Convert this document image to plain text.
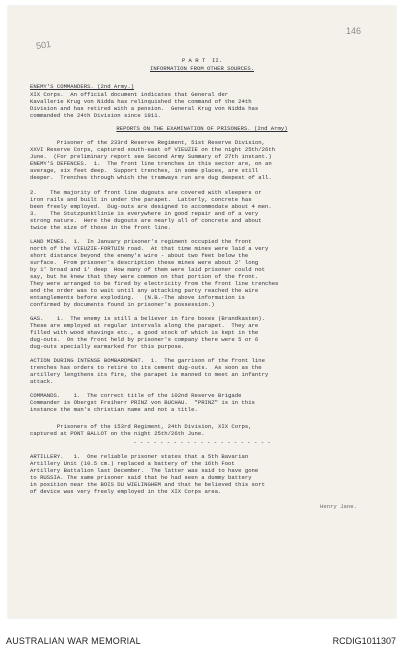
146
501
P A R T  II.
INFORMATION FROM OTHER SOURCES.
ENEMY'S COMMANDERS. (2nd Army.)
XIX Corps.  An official document indicates that General der
Kavallerie Krug von Nidda has relinquished the command of the 24th
Division and has retired with a pension.  General Krug von Nidda has
commanded the 24th Division since 1911.
REPORTS ON THE EXAMINATION OF PRISONERS. (2nd Army)
Prisoner of the 233rd Reserve Regiment, 51st Reserve Division,
XXVI Reserve Corps, captured south-east of VIEUZIE on the night 25th/26th
June.  (For preliminary report see Second Army Summary of 27th instant.)
ENEMY'S DEFENCES.  1.  The front line trenches in this sector are, on an
average, six feet deep.  Support trenches, in some places, are still
deeper.  Trenches through which the tramways run are dug deepest of all.
2.    The majority of front line dugouts are covered with sleepers or
iron rails and built in under the parapet.  Latterly, concrete has
been freely employed.  Dug-outs are designed to accommodate about 4 men.
3.    The Stutzpunktlinie is everywhere in good repair and of a very
strong nature.  Here the dugouts are nearly all of concrete and about
twice the size of those in the front line.
LAND MINES.  1.  In January prisoner's regiment occupied the front
north of the VIEUZIE-FORTUIN road.  At that time mines were laid a very
short distance beyond the enemy's wire - about two feet below the
surface.  From prisoner's description these mines were about 2' long
by 1' broad and 1' deep  How many of them were laid prisoner could not
say, but he knew that they were common on that portion of the front.
They were arranged to be fired by electricity from the front line trenches
and the order was to wait until any attacking party reached the wire
entanglements before exploding.   (N.B.-The above information is
confirmed by documents found in prisoner's possession.)
GAS.    1.  The enemy is still a believer in fire boxes (Brandkasten).
These are employed at regular intervals along the parapet.  They are
filled with wood shavings etc., a good stock of which is kept in the
dug-outs.  On the front held by prisoner's company there were 5 or 6
dug-outs specially earmarked for this purpose.
ACTION DURING INTENSE BOMBARDMENT.  1.  The garrison of the front line
trenches has orders to retire to its cement dug-outs.  As soon as the
artillery lengthens its fire, the parapet is manned to meet an infantry
attack.
COMMANDS.    1.  The correct title of the 102nd Reserve Brigade
Commander is Obergst Freiherr PRINZ von BUCHAU.  "PRINZ" is in this
instance the man's christian name and not a title.
Prisoners of the 153rd Regiment, 24th Division, XIX Corps,
captured at PONT BALLOT on the night 25th/26th June.
- - - - - - - - - - - - - - - - - - - - -
ARTILLERY.   1.  One reliable prisoner states that a 5th Bavarian
Artillery Unit (10.5 cm.) replaced a battery of the 16th Foot
Artillery Battalion last December.  The latter was said to have gone
to RUSSIA. The same prisoner said that he had seen a dummy battery
in position near the BOIS DU WIELINGHEM and that he believed this sort
of device was very freely employed in the XIX Corps area.
Henry Jane.
AUSTRALIAN WAR MEMORIAL	RCDIG1011307
